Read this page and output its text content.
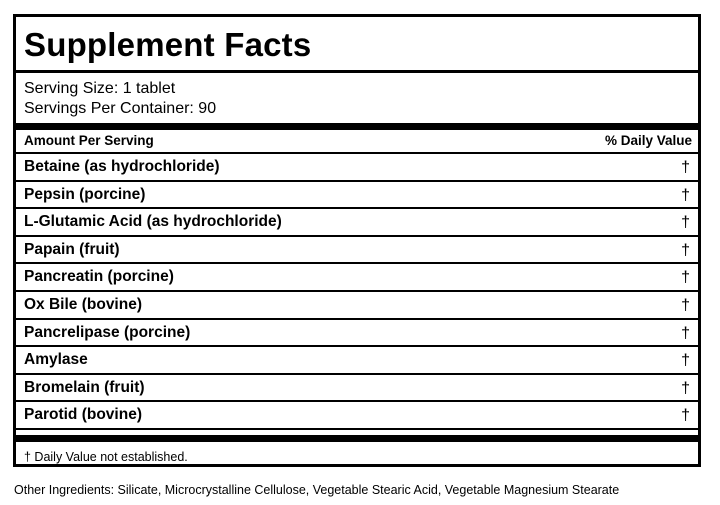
Supplement Facts
Serving Size: 1 tablet
Servings Per Container: 90
Amount Per Serving	% Daily Value
Betaine (as hydrochloride)	†
Pepsin (porcine)	†
L-Glutamic Acid (as hydrochloride)	†
Papain (fruit)	†
Pancreatin (porcine)	†
Ox Bile (bovine)	†
Pancrelipase (porcine)	†
Amylase	†
Bromelain (fruit)	†
Parotid (bovine)	†
† Daily Value not established.
Other Ingredients: Silicate, Microcrystalline Cellulose, Vegetable Stearic Acid, Vegetable Magnesium Stearate
